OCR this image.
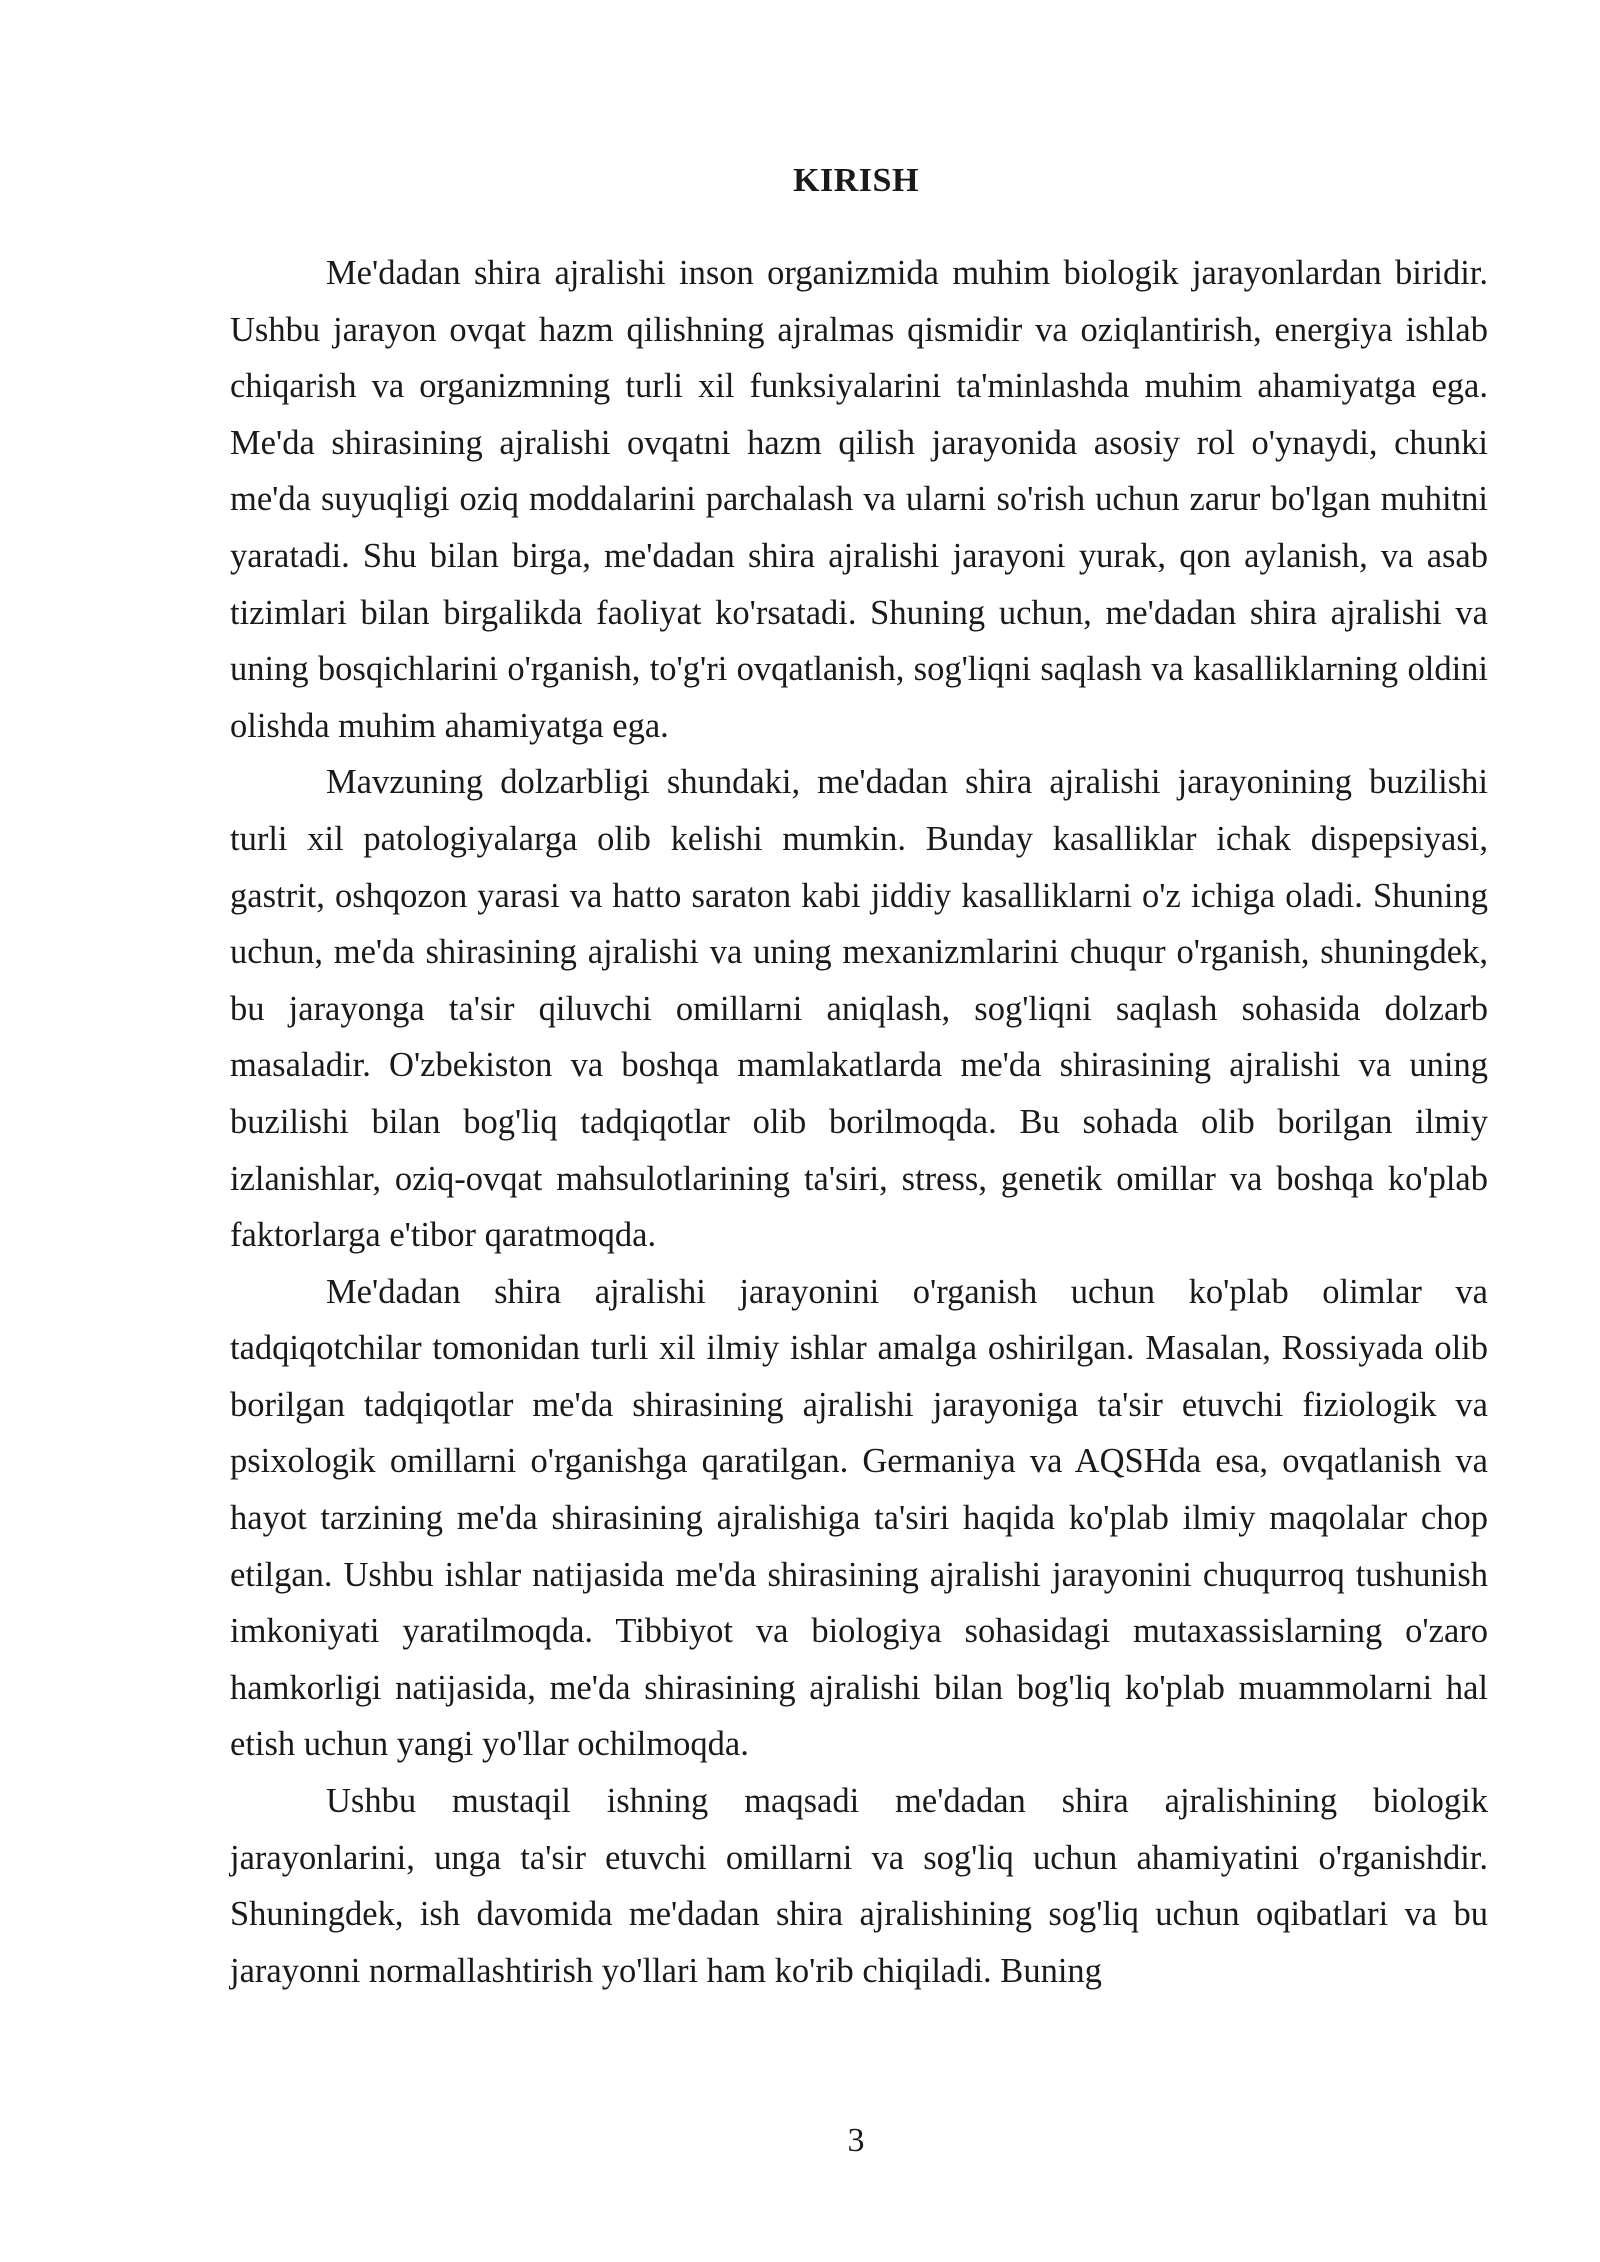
KIRISH

Me'dadan shira ajralishi inson organizmida muhim biologik jarayonlardan biridir. Ushbu jarayon ovqat hazm qilishning ajralmas qismidir va oziqlantirish, energiya ishlab chiqarish va organizmning turli xil funksiyalarini ta'minlashda muhim ahamiyatga ega. Me'da shirasining ajralishi ovqatni hazm qilish jarayonida asosiy rol o'ynaydi, chunki me'da suyuqligi oziq moddalarini parchalash va ularni so'rish uchun zarur bo'lgan muhitni yaratadi. Shu bilan birga, me'dadan shira ajralishi jarayoni yurak, qon aylanish, va asab tizimlari bilan birgalikda faoliyat ko'rsatadi. Shuning uchun, me'dadan shira ajralishi va uning bosqichlarini o'rganish, to'g'ri ovqatlanish, sog'liqni saqlash va kasalliklarning oldini olishda muhim ahamiyatga ega.

Mavzuning dolzarbligi shundaki, me'dadan shira ajralishi jarayonining buzilishi turli xil patologiyalarga olib kelishi mumkin. Bunday kasalliklar ichak dispepsiyasi, gastrit, oshqozon yarasi va hatto saraton kabi jiddiy kasalliklarni o'z ichiga oladi. Shuning uchun, me'da shirasining ajralishi va uning mexanizmlarini chuqur o'rganish, shuningdek, bu jarayonga ta'sir qiluvchi omillarni aniqlash, sog'liqni saqlash sohasida dolzarb masaladir. O'zbekiston va boshqa mamlakatlarda me'da shirasining ajralishi va uning buzilishi bilan bog'liq tadqiqotlar olib borilmoqda. Bu sohada olib borilgan ilmiy izlanishlar, oziq-ovqat mahsulotlarining ta'siri, stress, genetik omillar va boshqa ko'plab faktorlarga e'tibor qaratmoqda.

Me'dadan shira ajralishi jarayonini o'rganish uchun ko'plab olimlar va tadqiqotchilar tomonidan turli xil ilmiy ishlar amalga oshirilgan. Masalan, Rossiyada olib borilgan tadqiqotlar me'da shirasining ajralishi jarayoniga ta'sir etuvchi fiziologik va psixologik omillarni o'rganishga qaratilgan. Germaniya va AQSHda esa, ovqatlanish va hayot tarzining me'da shirasining ajralishiga ta'siri haqida ko'plab ilmiy maqolalar chop etilgan. Ushbu ishlar natijasida me'da shirasining ajralishi jarayonini chuqurroq tushunish imkoniyati yaratilmoqda. Tibbiyot va biologiya sohasidagi mutaxassislarning o'zaro hamkorligi natijasida, me'da shirasining ajralishi bilan bog'liq ko'plab muammolarni hal etish uchun yangi yo'llar ochilmoqda.

Ushbu mustaqil ishning maqsadi me'dadan shira ajralishining biologik jarayonlarini, unga ta'sir etuvchi omillarni va sog'liq uchun ahamiyatini o'rganishdir. Shuningdek, ish davomida me'dadan shira ajralishining sog'liq uchun oqibatlari va bu jarayonni normallashtirish yo'llari ham ko'rib chiqiladi. Buning

3
